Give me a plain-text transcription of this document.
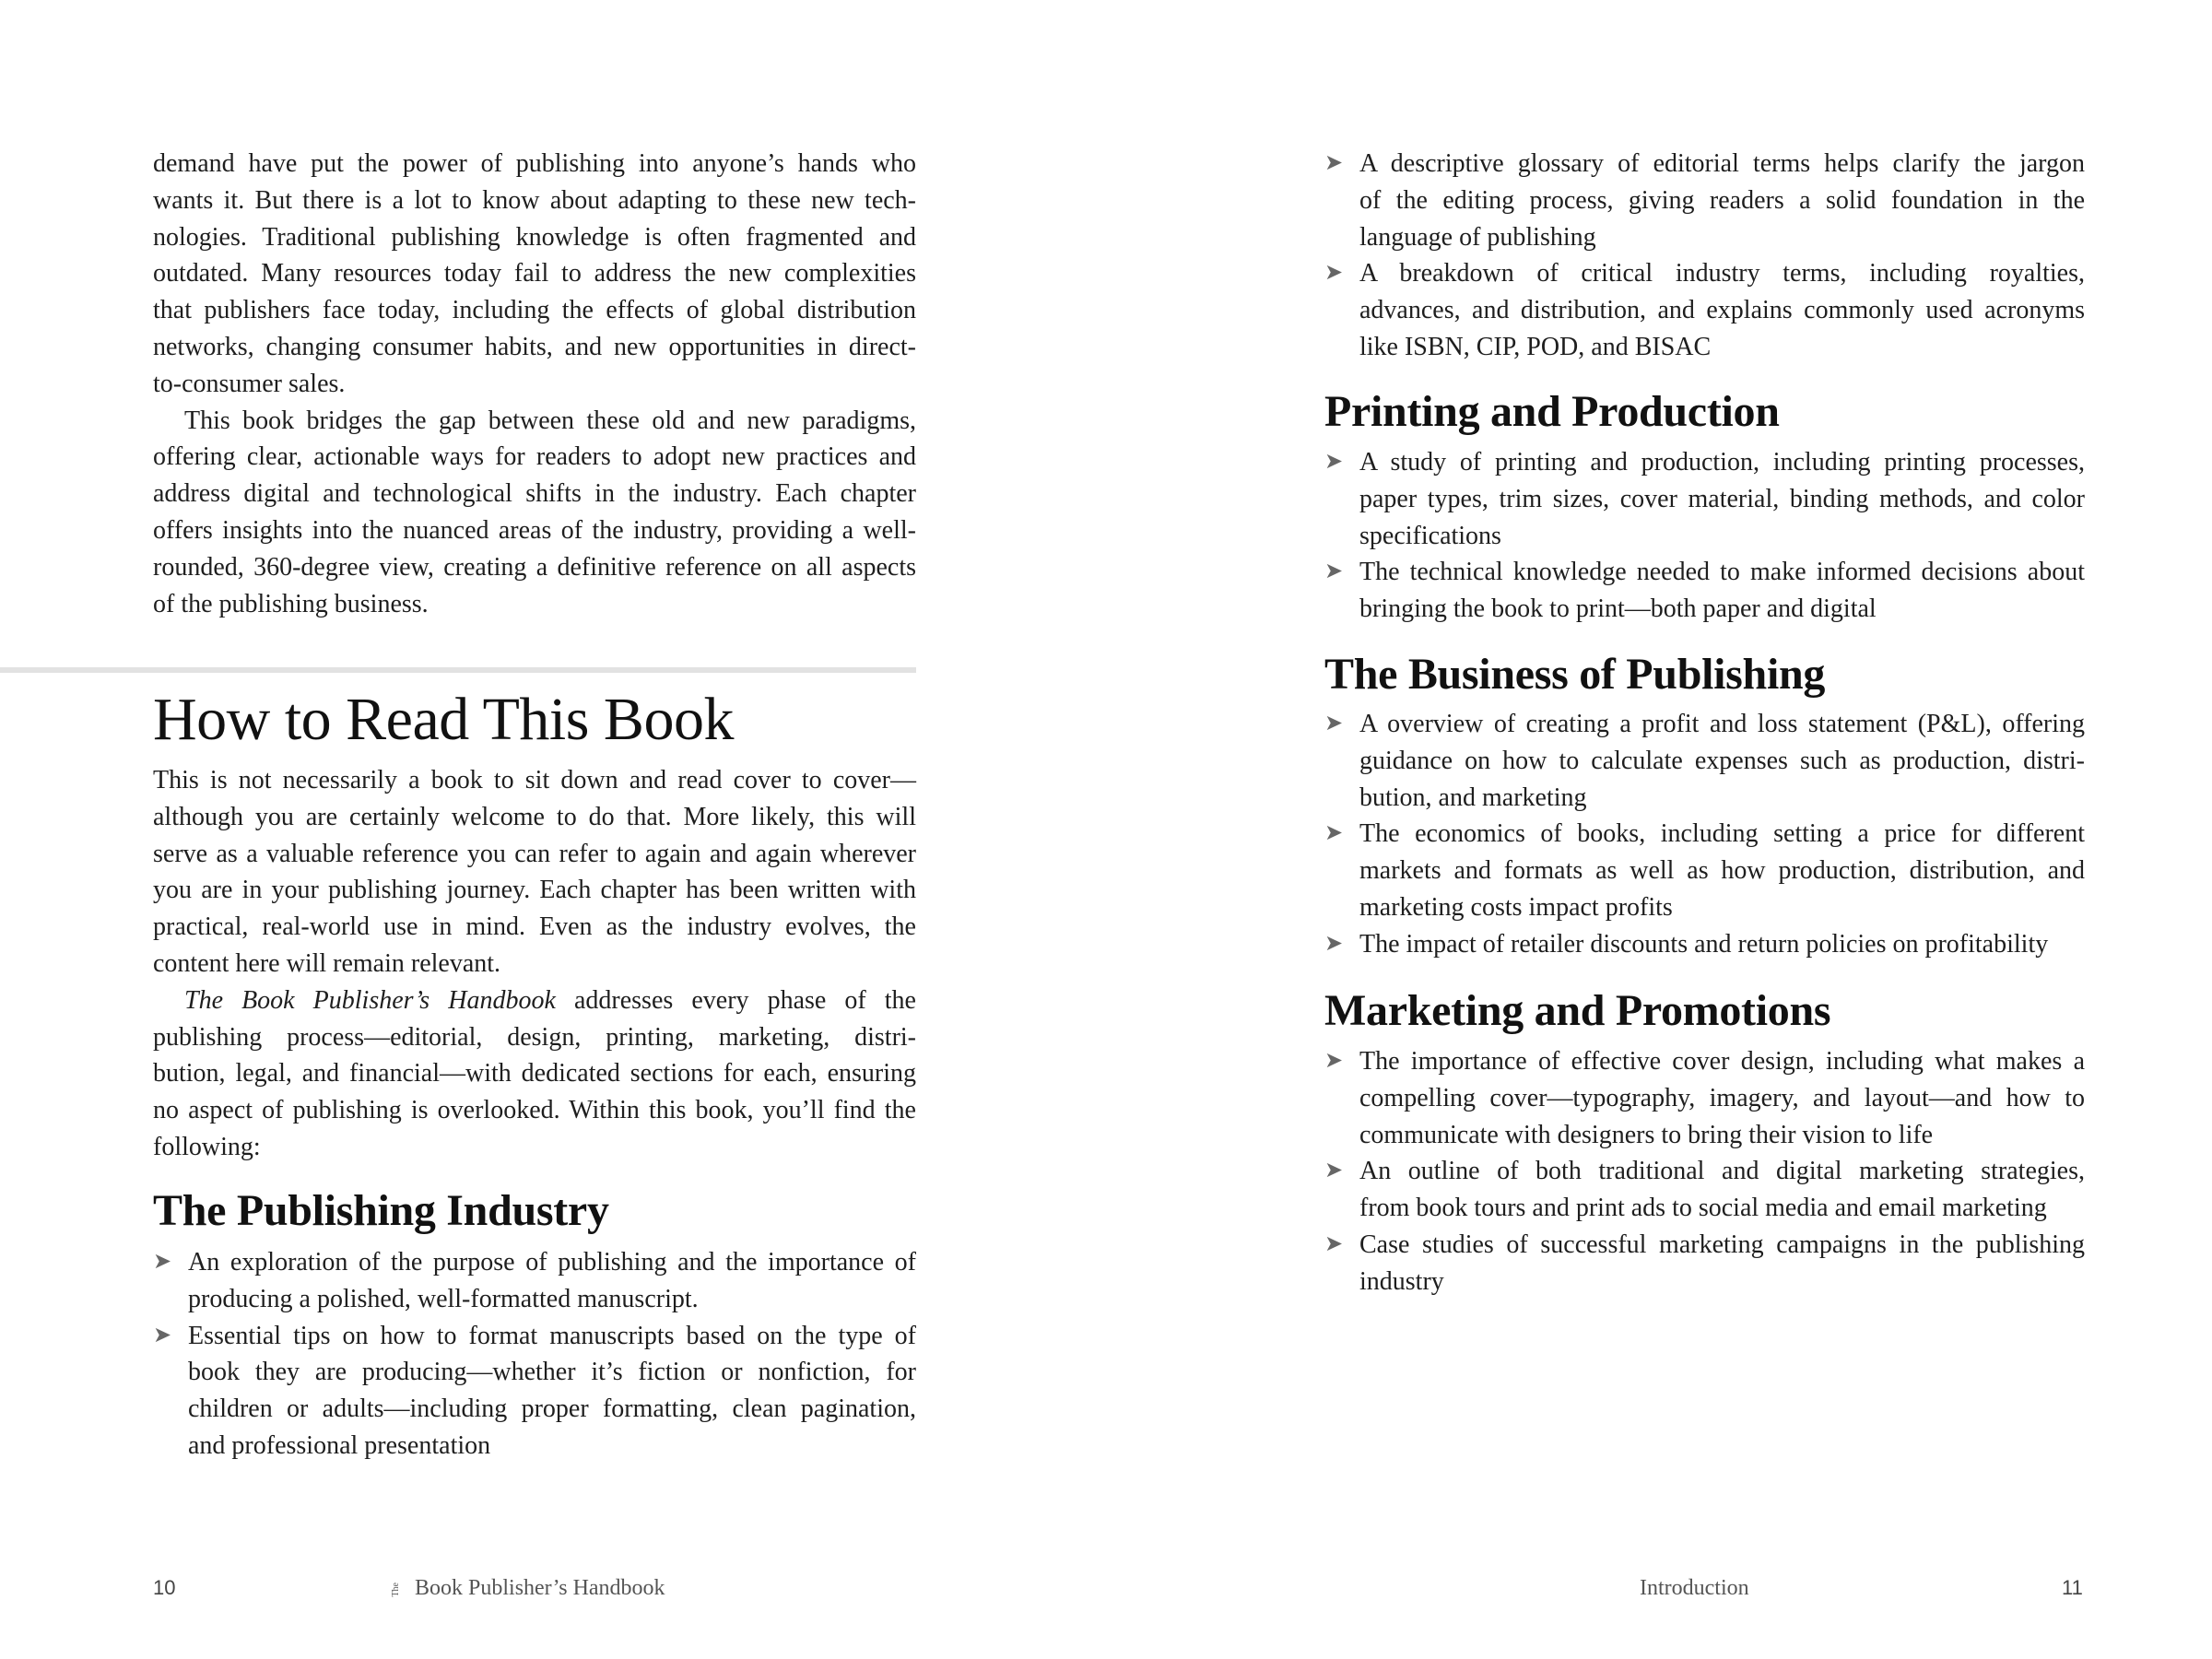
demand have put the power of publishing into anyone’s hands who
wants it. But there is a lot to know about adapting to these new tech-
nologies. Traditional publishing knowledge is often fragmented and
outdated. Many resources today fail to address the new complexities
that publishers face today, including the effects of global distribution
networks, changing consumer habits, and new opportunities in direct-
to-consumer sales.
This book bridges the gap between these old and new paradigms,
offering clear, actionable ways for readers to adopt new practices and
address digital and technological shifts in the industry. Each chapter
offers insights into the nuanced areas of the industry, providing a well-
rounded, 360-degree view, creating a definitive reference on all aspects
of the publishing business.
How to Read This Book
This is not necessarily a book to sit down and read cover to cover—
although you are certainly welcome to do that. More likely, this will
serve as a valuable reference you can refer to again and again wherever
you are in your publishing journey. Each chapter has been written with
practical, real-world use in mind. Even as the industry evolves, the
content here will remain relevant.
The Book Publisher’s Handbook addresses every phase of the
publishing process—editorial, design, printing, marketing, distri-
bution, legal, and financial—with dedicated sections for each, ensuring
no aspect of publishing is overlooked. Within this book, you’ll find the
following:
The Publishing Industry
➤ An exploration of the purpose of publishing and the importance of
producing a polished, well-formatted manuscript.
➤ Essential tips on how to format manuscripts based on the type of
book they are producing—whether it’s fiction or nonfiction, for
children or adults—including proper formatting, clean pagination,
and professional presentation
➤ A descriptive glossary of editorial terms helps clarify the jargon
of the editing process, giving readers a solid foundation in the
language of publishing
➤ A breakdown of critical industry terms, including royalties,
advances, and distribution, and explains commonly used acronyms
like ISBN, CIP, POD, and BISAC
Printing and Production
➤ A study of printing and production, including printing processes,
paper types, trim sizes, cover material, binding methods, and color
specifications
➤ The technical knowledge needed to make informed decisions about
bringing the book to print—both paper and digital
The Business of Publishing
➤ A overview of creating a profit and loss statement (P&L), offering
guidance on how to calculate expenses such as production, distri-
bution, and marketing
➤ The economics of books, including setting a price for different
markets and formats as well as how production, distribution, and
marketing costs impact profits
➤ The impact of retailer discounts and return policies on profitability
Marketing and Promotions
➤ The importance of effective cover design, including what makes a
compelling cover—typography, imagery, and layout—and how to
communicate with designers to bring their vision to life
➤ An outline of both traditional and digital marketing strategies,
from book tours and print ads to social media and email marketing
➤ Case studies of successful marketing campaigns in the publishing
industry
10	The Book Publisher’s Handbook	Introduction	11
